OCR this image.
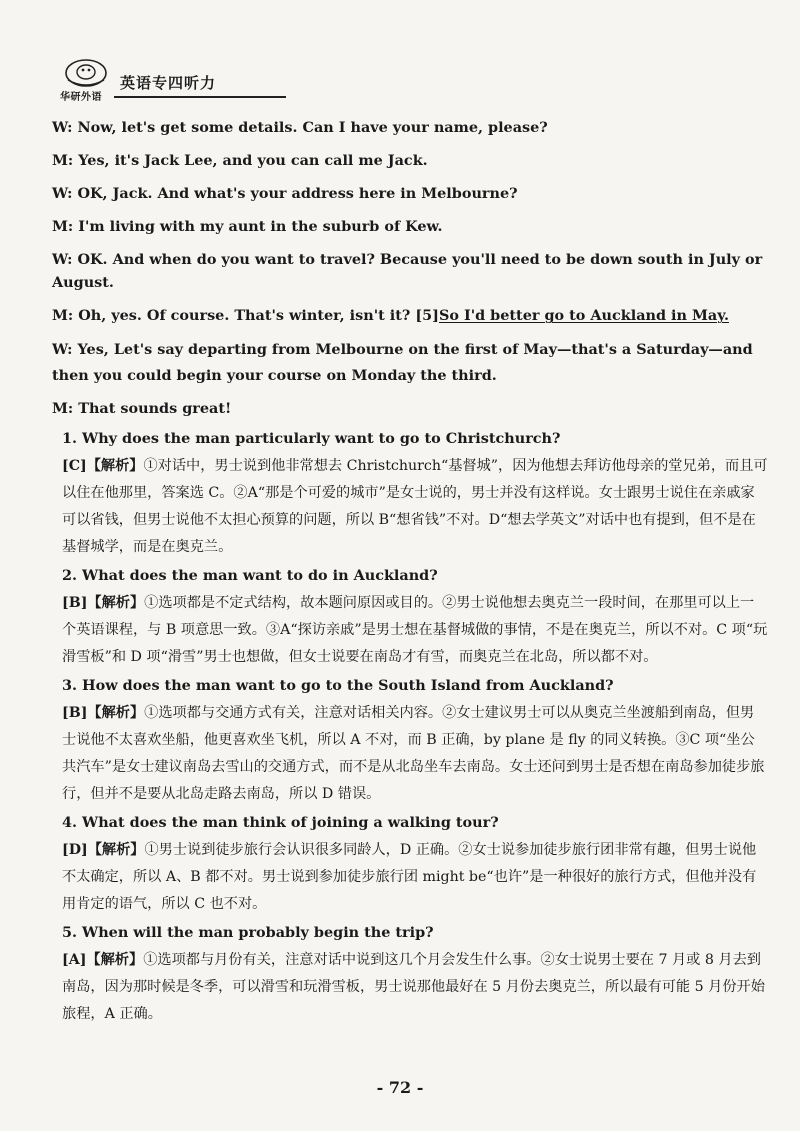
华研外语
英语专四听力

W: Now, let's get some details. Can I have your name, please?

M: Yes, it's Jack Lee, and you can call me Jack.

W: OK, Jack. And what's your address here in Melbourne?

M: I'm living with my aunt in the suburb of Kew.

W: OK. And when do you want to travel? Because you'll need to be down south in July or August.

M: Oh, yes. Of course. That's winter, isn't it? [5]So I'd better go to Auckland in May.

W: Yes, Let's say departing from Melbourne on the first of May—that's a Saturday—and then you could begin your course on Monday the third.

M: That sounds great!

1. Why does the man particularly want to go to Christchurch?

[C]【解析】①对话中，男士说到他非常想去 Christchurch“基督城”，因为他想去拜访他母亲的堂兄弟，而且可以住在他那里，答案选 C。②A“那是个可爱的城市”是女士说的，男士并没有这样说。女士跟男士说住在亲戚家可以省钱，但男士说他不太担心预算的问题，所以 B“想省钱”不对。D“想去学英文”对话中也有提到，但不是在基督城学，而是在奥克兰。

2. What does the man want to do in Auckland?

[B]【解析】①选项都是不定式结构，故本题问原因或目的。②男士说他想去奥克兰一段时间，在那里可以上一个英语课程，与 B 项意思一致。③A“探访亲戚”是男士想在基督城做的事情，不是在奥克兰，所以不对。C 项“玩滑雪板”和 D 项“滑雪”男士也想做，但女士说要在南岛才有雪，而奥克兰在北岛，所以都不对。

3. How does the man want to go to the South Island from Auckland?

[B]【解析】①选项都与交通方式有关，注意对话相关内容。②女士建议男士可以从奥克兰坐渡船到南岛，但男士说他不太喜欢坐船，他更喜欢坐飞机，所以 A 不对，而 B 正确，by plane 是 fly 的同义转换。③C 项“坐公共汽车”是女士建议南岛去雪山的交通方式，而不是从北岛坐车去南岛。女士还问到男士是否想在南岛参加徒步旅行，但并不是要从北岛走路去南岛，所以 D 错误。

4. What does the man think of joining a walking tour?

[D]【解析】①男士说到徒步旅行会认识很多同龄人，D 正确。②女士说参加徒步旅行团非常有趣，但男士说他不太确定，所以 A、B 都不对。男士说到参加徒步旅行团 might be“也许”是一种很好的旅行方式，但他并没有用肯定的语气，所以 C 也不对。

5. When will the man probably begin the trip?

[A]【解析】①选项都与月份有关，注意对话中说到这几个月会发生什么事。②女士说男士要在 7 月或 8 月去到南岛，因为那时候是冬季，可以滑雪和玩滑雪板，男士说那他最好在 5 月份去奥克兰，所以最有可能 5 月份开始旅程，A 正确。

- 72 -
